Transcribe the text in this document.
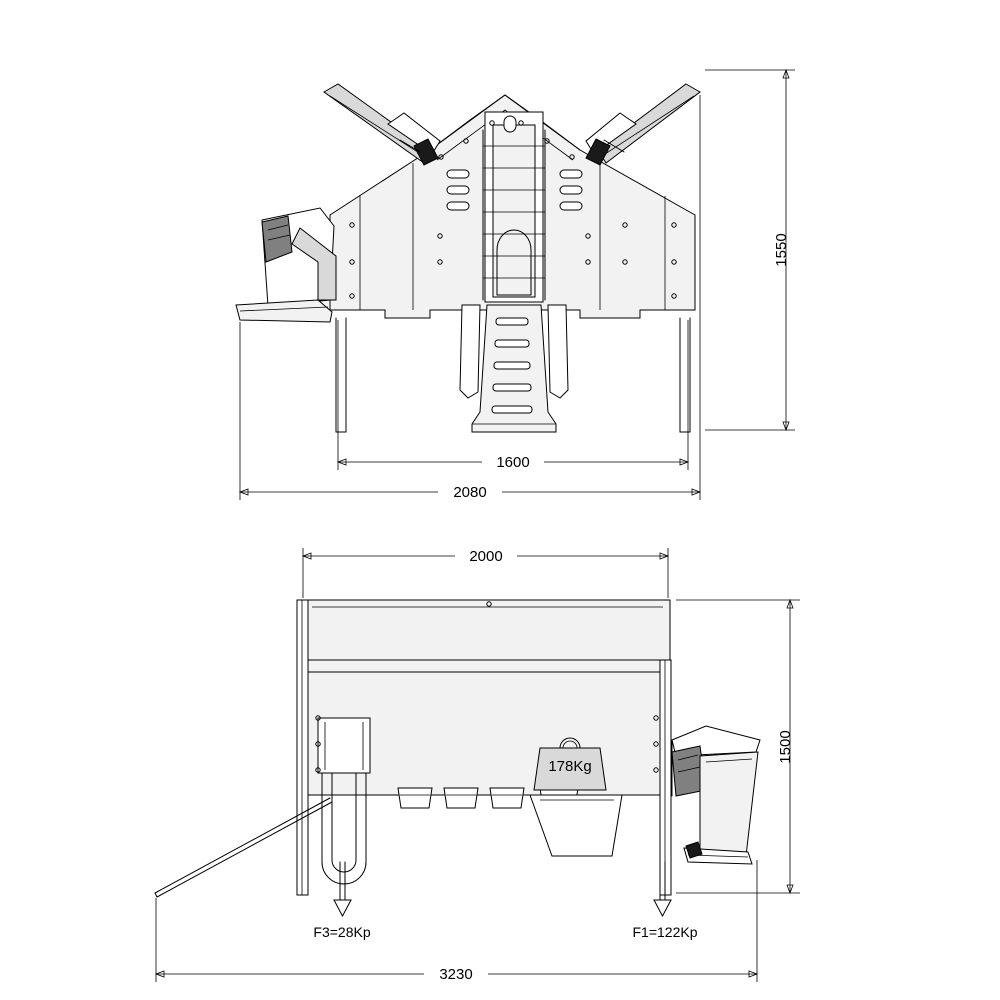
1550
1600
2080
178Kg
F3=28Kp	F1=122Kp
2000
1500
3230
